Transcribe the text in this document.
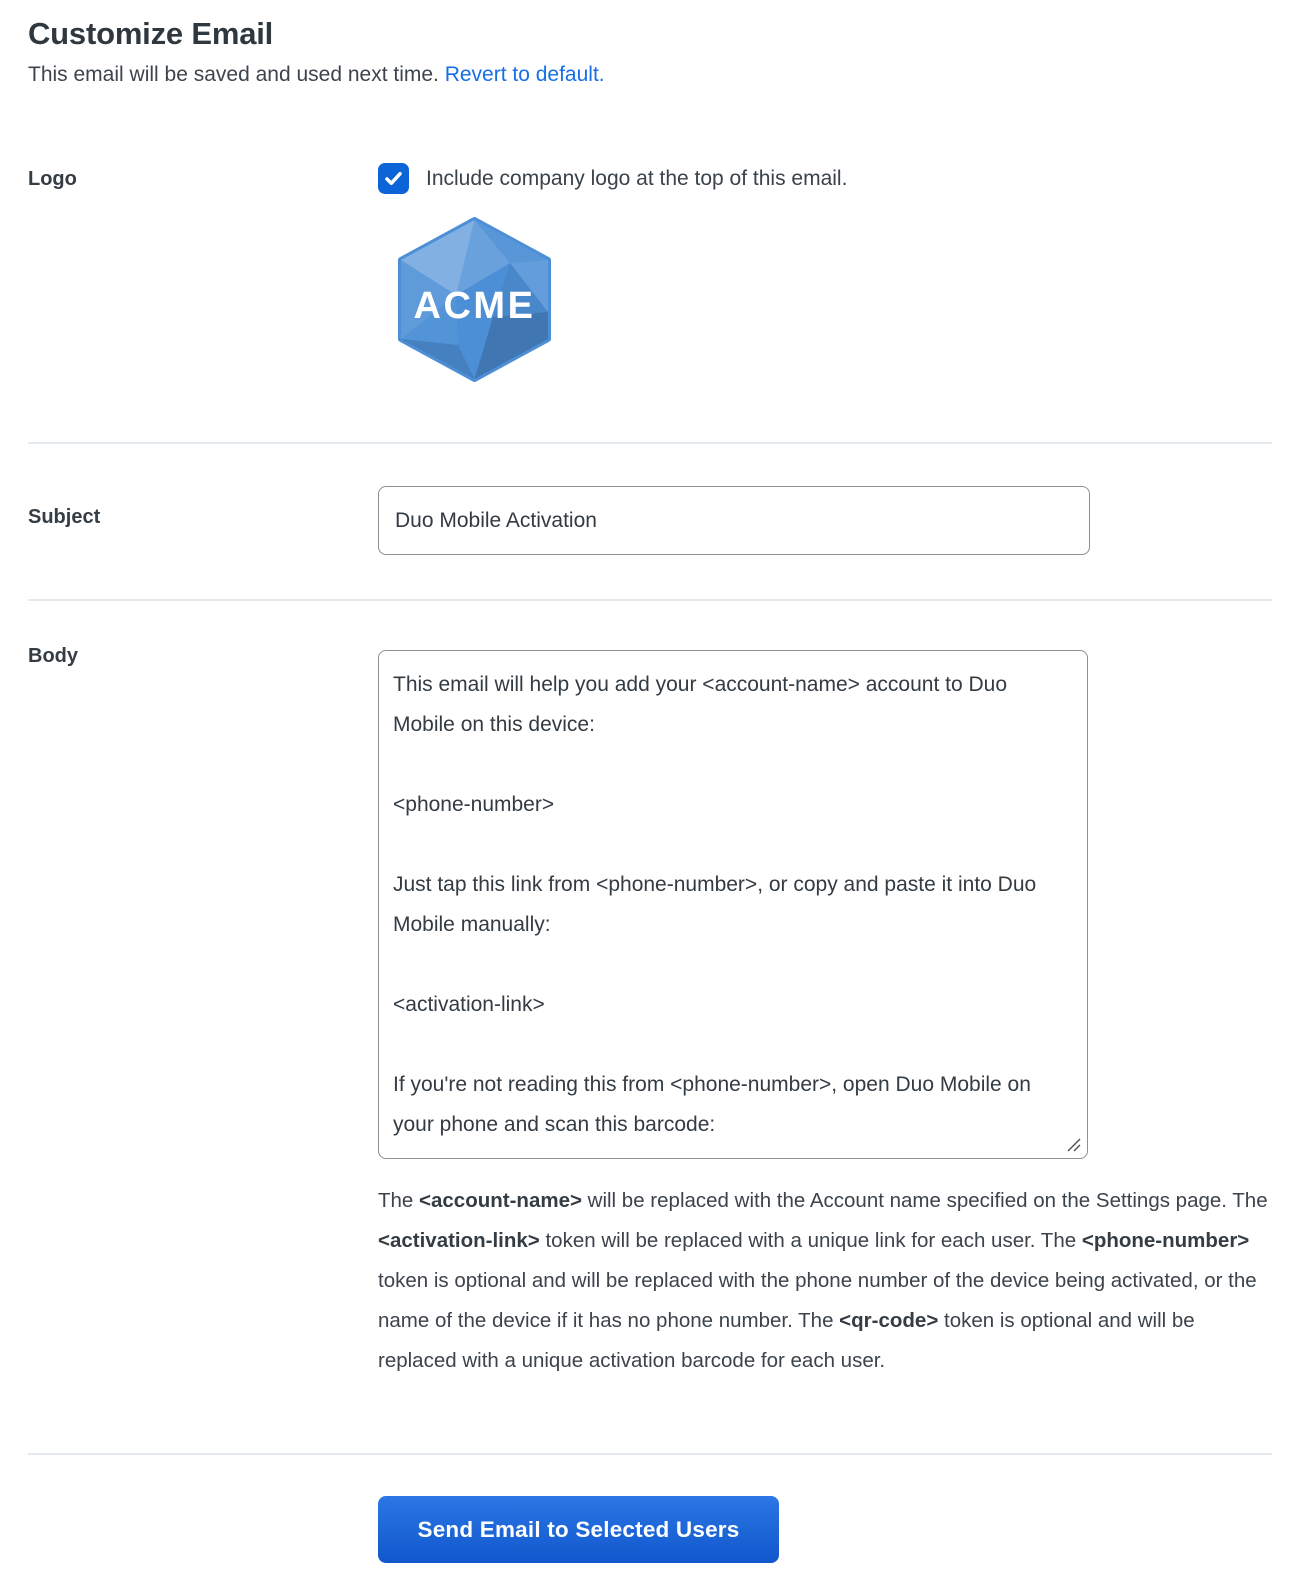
Customize Email

This email will be saved and used next time. Revert to default.

Logo	Include company logo at the top of this email.
ACME
Subject
Duo Mobile Activation
Body
This email will help you add your <account-name> account to Duo Mobile on this device: <phone-number> Just tap this link from <phone-number>, or copy and paste it into Duo Mobile manually: <activation-link> If you're not reading this from <phone-number>, open Duo Mobile on your phone and scan this barcode:

The <account-name> will be replaced with the Account name specified on the Settings page. The <activation-link> token will be replaced with a unique link for each user. The <phone-number> token is optional and will be replaced with the phone number of the device being activated, or the name of the device if it has no phone number. The <qr-code> token is optional and will be replaced with a unique activation barcode for each user.

Send Email to Selected Users
